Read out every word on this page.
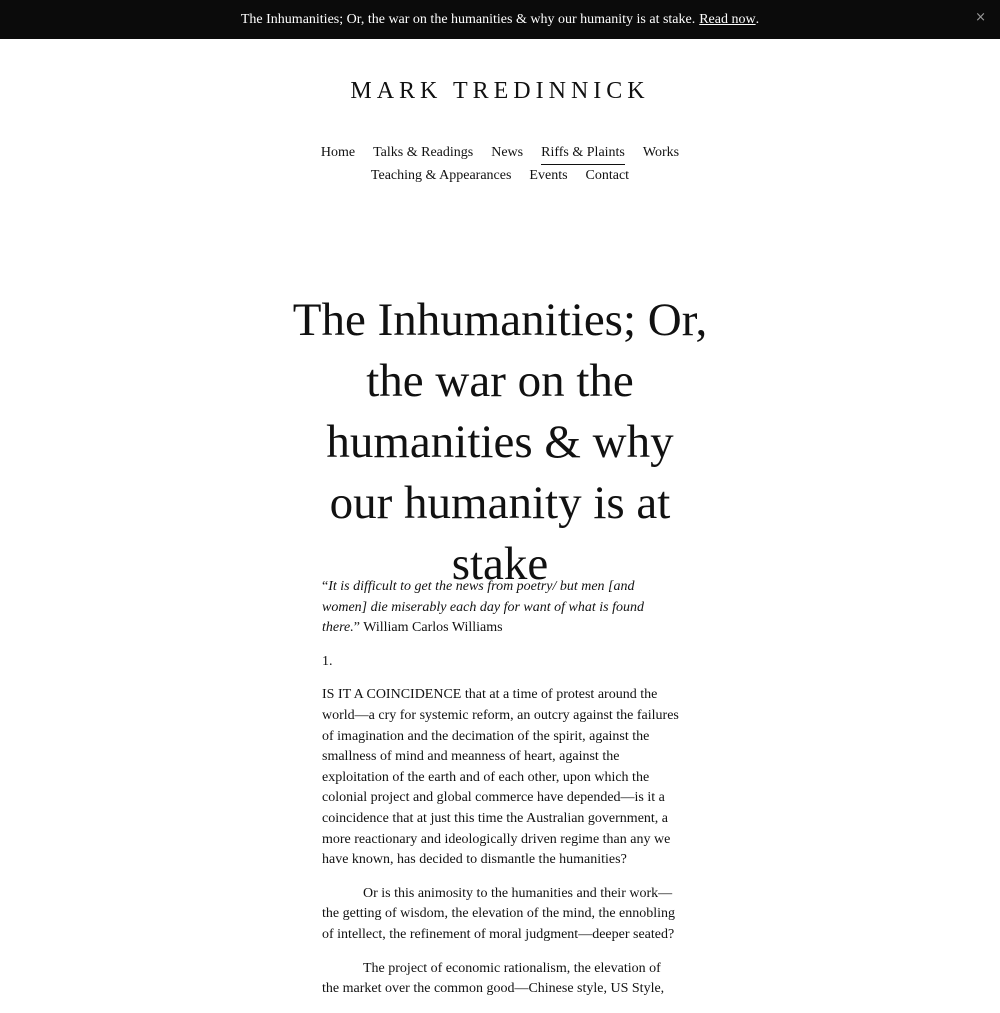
The Inhumanities; Or, the war on the humanities & why our humanity is at stake. Read now .	×
MARK TREDINNICK
Home Talks & Readings News Riffs & Plaints Works
Teaching & Appearances Events Contact
The Inhumanities; Or, the war on the humanities & why our humanity is at stake

“It is difficult to get the news from poetry/ but men [and women] die miserably each day for want of what is found there.” William Carlos Williams

1.

IS IT A COINCIDENCE that at a time of protest around the world—a cry for systemic reform, an outcry against the failures of imagination and the decimation of the spirit, against the smallness of mind and meanness of heart, against the exploitation of the earth and of each other, upon which the colonial project and global commerce have depended—is it a coincidence that at just this time the Australian government, a more reactionary and ideologically driven regime than any we have known, has decided to dismantle the humanities?

Or is this animosity to the humanities and their work—the getting of wisdom, the elevation of the mind, the ennobling of intellect, the refinement of moral judgment—deeper seated?

The project of economic rationalism, the elevation of the market over the common good—Chinese style, US Style,
